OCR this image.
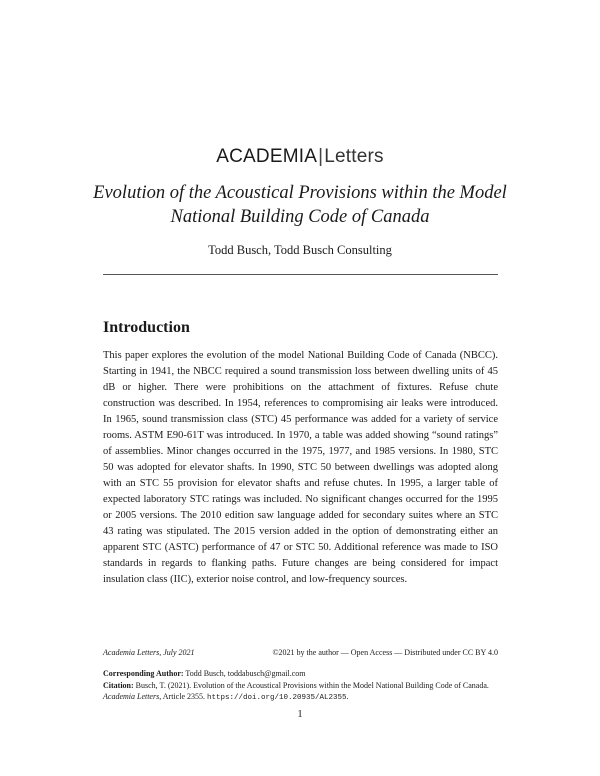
ACADEMIA|Letters
Evolution of the Acoustical Provisions within the Model National Building Code of Canada
Todd Busch, Todd Busch Consulting
Introduction
This paper explores the evolution of the model National Building Code of Canada (NBCC). Starting in 1941, the NBCC required a sound transmission loss between dwelling units of 45 dB or higher. There were prohibitions on the attachment of fixtures. Refuse chute construction was described. In 1954, references to compromising air leaks were introduced. In 1965, sound transmission class (STC) 45 performance was added for a variety of service rooms. ASTM E90-61T was introduced. In 1970, a table was added showing “sound ratings” of assemblies. Minor changes occurred in the 1975, 1977, and 1985 versions. In 1980, STC 50 was adopted for elevator shafts. In 1990, STC 50 between dwellings was adopted along with an STC 55 provision for elevator shafts and refuse chutes. In 1995, a larger table of expected laboratory STC ratings was included. No significant changes occurred for the 1995 or 2005 versions. The 2010 edition saw language added for secondary suites where an STC 43 rating was stipulated. The 2015 version added in the option of demonstrating either an apparent STC (ASTC) performance of 47 or STC 50. Additional reference was made to ISO standards in regards to flanking paths. Future changes are being considered for impact insulation class (IIC), exterior noise control, and low-frequency sources.
Academia Letters, July 2021	©2021 by the author — Open Access — Distributed under CC BY 4.0
Corresponding Author: Todd Busch, toddabusch@gmail.com
Citation: Busch, T. (2021). Evolution of the Acoustical Provisions within the Model National Building Code of Canada. Academia Letters, Article 2355. https://doi.org/10.20935/AL2355.
1
